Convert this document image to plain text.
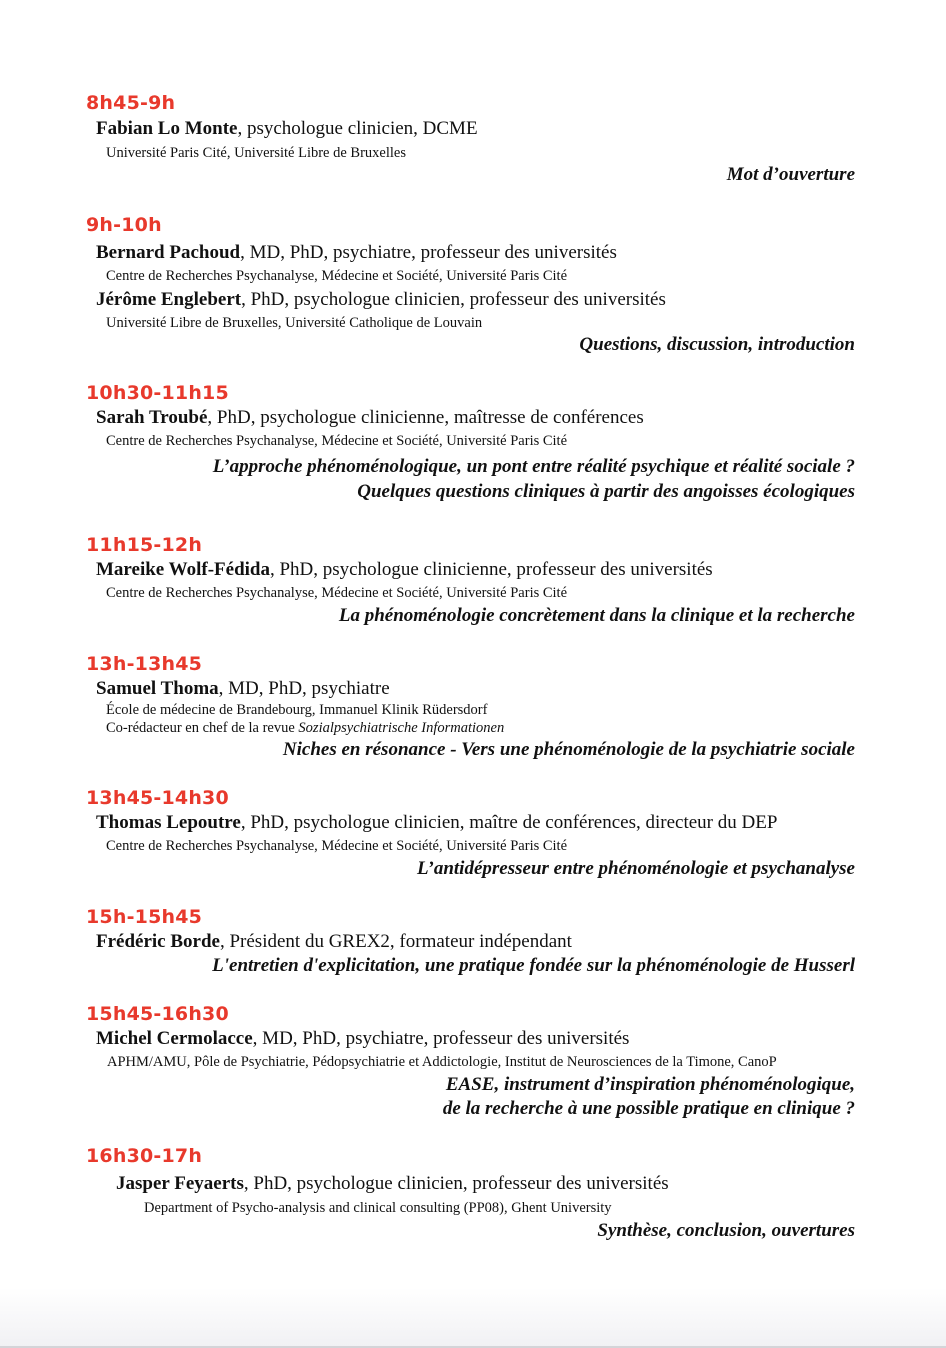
8h45-9h
Fabian Lo Monte, psychologue clinicien, DCME
Université Paris Cité, Université Libre de Bruxelles
Mot d’ouverture
9h-10h
Bernard Pachoud, MD, PhD, psychiatre, professeur des universités
Centre de Recherches Psychanalyse, Médecine et Société, Université Paris Cité
Jérôme Englebert, PhD, psychologue clinicien, professeur des universités
Université Libre de Bruxelles, Université Catholique de Louvain
Questions, discussion, introduction
10h30-11h15
Sarah Troubé, PhD, psychologue clinicienne, maîtresse de conférences
Centre de Recherches Psychanalyse, Médecine et Société, Université Paris Cité
L’approche phénoménologique, un pont entre réalité psychique et réalité sociale ?
Quelques questions cliniques à partir des angoisses écologiques
11h15-12h
Mareike Wolf-Fédida, PhD, psychologue clinicienne, professeur des universités
Centre de Recherches Psychanalyse, Médecine et Société, Université Paris Cité
La phénoménologie concrètement dans la clinique et la recherche
13h-13h45
Samuel Thoma, MD, PhD, psychiatre
École de médecine de Brandebourg, Immanuel Klinik Rüdersdorf
Co-rédacteur en chef de la revue Sozialpsychiatrische Informationen
Niches en résonance - Vers une phénoménologie de la psychiatrie sociale
13h45-14h30
Thomas Lepoutre, PhD, psychologue clinicien, maître de conférences, directeur du DEP
Centre de Recherches Psychanalyse, Médecine et Société, Université Paris Cité
L’antidépresseur entre phénoménologie et psychanalyse
15h-15h45
Frédéric Borde, Président du GREX2, formateur indépendant
L'entretien d'explicitation, une pratique fondée sur la phénoménologie de Husserl
15h45-16h30
Michel Cermolacce, MD, PhD, psychiatre, professeur des universités
APHM/AMU, Pôle de Psychiatrie, Pédopsychiatrie et Addictologie, Institut de Neurosciences de la Timone, CanoP
EASE, instrument d’inspiration phénoménologique,
de la recherche à une possible pratique en clinique ?
16h30-17h
Jasper Feyaerts, PhD, psychologue clinicien, professeur des universités
Department of Psycho-analysis and clinical consulting (PP08), Ghent University
Synthèse, conclusion, ouvertures
